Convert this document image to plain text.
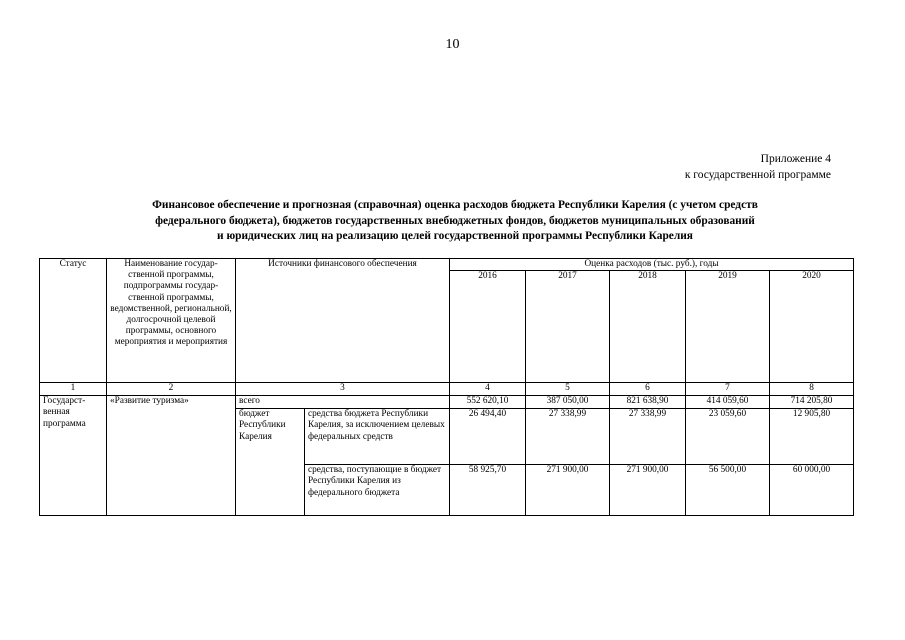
10
Приложение 4
к государственной программе
Финансовое обеспечение и прогнозная (справочная) оценка расходов бюджета Республики Карелия (с учетом средств
федерального бюджета), бюджетов государственных внебюджетных фондов, бюджетов муниципальных образований
и юридических лиц на реализацию целей государственной программы Республики Карелия
Статус	Наименование государ-ственной программы, подпрограммы государ-ственной программы, ведомственной, региональной, долгосрочной целевой программы, основного мероприятия и мероприятия	Источники финансового обеспечения		Оценка расходов (тыс. руб.), годы				
				2016	2017	2018	2019	2020
1	2	3		4	5	6	7	8
Государст-венная программа	«Развитие туризма»	всего		552 620,10	387 050,00	821 638,90	414 059,60	714 205,80
		бюджет Республики Карелия	средства бюджета Республики Карелия, за исключением целевых федеральных средств	26 494,40	27 338,99	27 338,99	23 059,60	12 905,80
			средства, поступающие в бюджет Республики Карелия из федерального бюджета	58 925,70	271 900,00	271 900,00	56 500,00	60 000,00
